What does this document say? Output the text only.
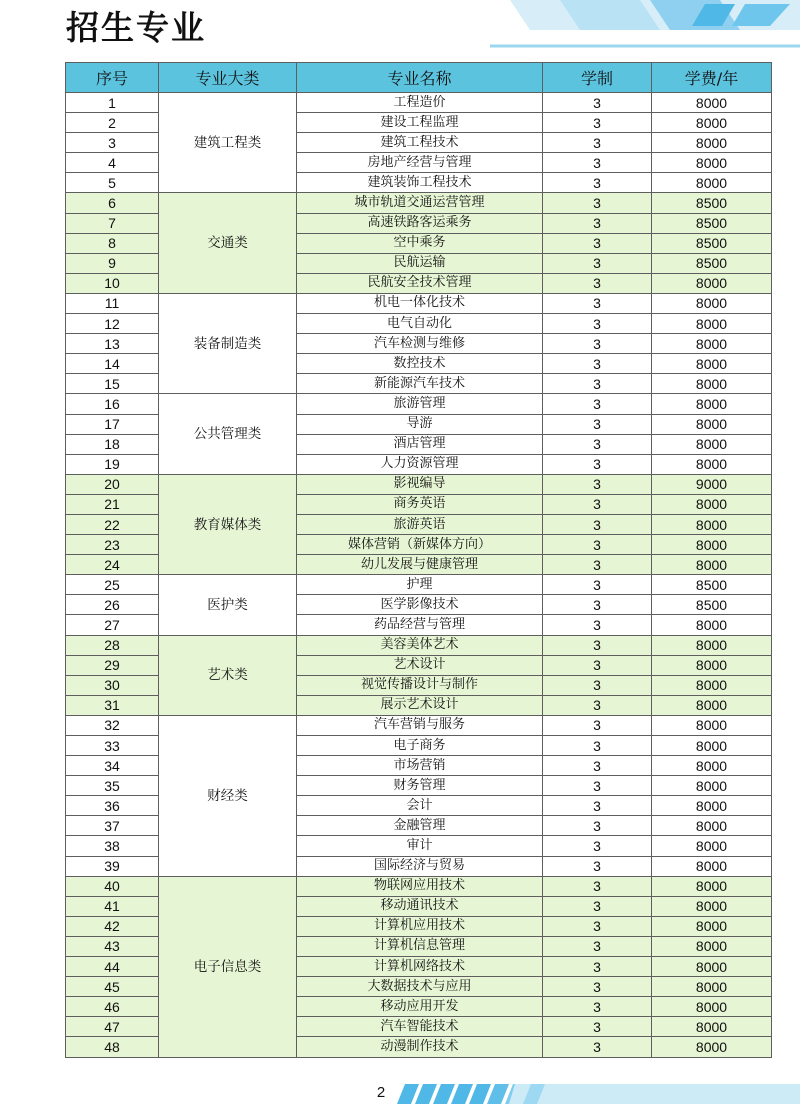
招生专业
序号	专业大类	专业名称	学制	学费/年
1	建筑工程类	工程造价	3	8000
2		建设工程监理	3	8000
3		建筑工程技术	3	8000
4		房地产经营与管理	3	8000
5		建筑装饰工程技术	3	8000
6	交通类	城市轨道交通运营管理	3	8500
7		高速铁路客运乘务	3	8500
8		空中乘务	3	8500
9		民航运输	3	8500
10		民航安全技术管理	3	8000
11	装备制造类	机电一体化技术	3	8000
12		电气自动化	3	8000
13		汽车检测与维修	3	8000
14		数控技术	3	8000
15		新能源汽车技术	3	8000
16	公共管理类	旅游管理	3	8000
17		导游	3	8000
18		酒店管理	3	8000
19		人力资源管理	3	8000
20	教育媒体类	影视编导	3	9000
21		商务英语	3	8000
22		旅游英语	3	8000
23		媒体营销（新媒体方向）	3	8000
24		幼儿发展与健康管理	3	8000
25	医护类	护理	3	8500
26		医学影像技术	3	8500
27		药品经营与管理	3	8000
28	艺术类	美容美体艺术	3	8000
29		艺术设计	3	8000
30		视觉传播设计与制作	3	8000
31		展示艺术设计	3	8000
32	财经类	汽车营销与服务	3	8000
33		电子商务	3	8000
34		市场营销	3	8000
35		财务管理	3	8000
36		会计	3	8000
37		金融管理	3	8000
38		审计	3	8000
39		国际经济与贸易	3	8000
40	电子信息类	物联网应用技术	3	8000
41		移动通讯技术	3	8000
42		计算机应用技术	3	8000
43		计算机信息管理	3	8000
44		计算机网络技术	3	8000
45		大数据技术与应用	3	8000
46		移动应用开发	3	8000
47		汽车智能技术	3	8000
48		动漫制作技术	3	8000
2
